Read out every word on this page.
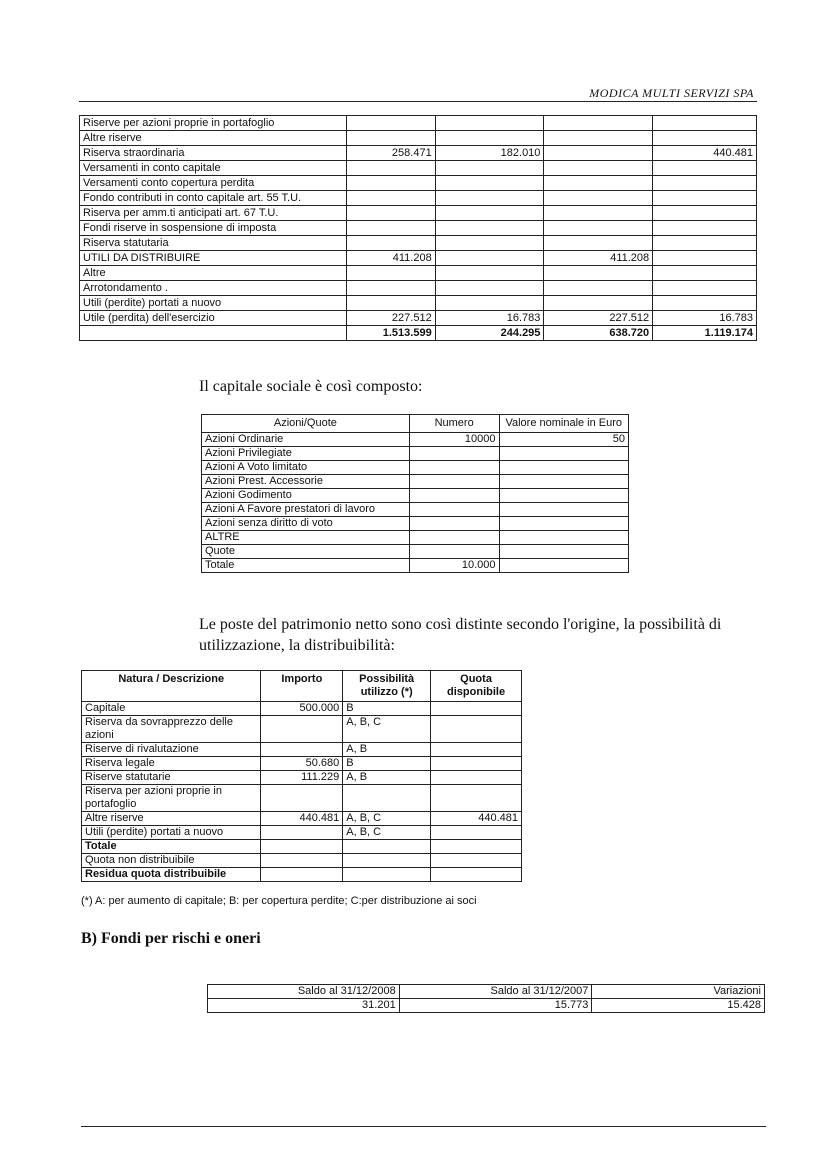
MODICA MULTI SERVIZI SPA
Riserve per azioni proprie in portafoglio				
Altre riserve				
Riserva straordinaria	258.471	182.010		440.481
Versamenti in conto capitale				
Versamenti conto copertura perdita				
Fondo contributi in conto capitale art. 55 T.U.				
Riserva per amm.ti anticipati art. 67 T.U.				
Fondi riserve in sospensione di imposta				
Riserva statutaria				
UTILI DA DISTRIBUIRE	411.208		411.208	
Altre				
Arrotondamento .				
Utili (perdite) portati a nuovo				
Utile (perdita) dell'esercizio	227.512	16.783	227.512	16.783
	1.513.599	244.295	638.720	1.119.174
Il capitale sociale è così composto:
Azioni/Quote	Numero	Valore nominale in Euro
Azioni Ordinarie	10000	50
Azioni Privilegiate		
Azioni A Voto limitato		
Azioni Prest. Accessorie		
Azioni Godimento		
Azioni A Favore prestatori di lavoro		
Azioni senza diritto di voto		
ALTRE		
Quote		
Totale	10.000	
Le poste del patrimonio netto sono così distinte secondo l'origine, la possibilità di utilizzazione, la distribuibilità:
Natura / Descrizione	Importo	Possibilità utilizzo (*)	Quota disponibile
Capitale	500.000	B	
Riserva da sovrapprezzo delle azioni		A, B, C	
Riserve di rivalutazione		A, B	
Riserva legale	50.680	B	
Riserve statutarie	111.229	A, B	
Riserva per azioni proprie in portafoglio			
Altre riserve	440.481	A, B, C	440.481
Utili (perdite) portati a nuovo		A, B, C	
Totale			
Quota non distribuibile			
Residua quota distribuibile			
(*) A: per aumento di capitale; B: per copertura perdite; C:per distribuzione ai soci
B) Fondi per rischi e oneri
Saldo al 31/12/2008	Saldo al 31/12/2007	Variazioni
31.201	15.773	15.428
